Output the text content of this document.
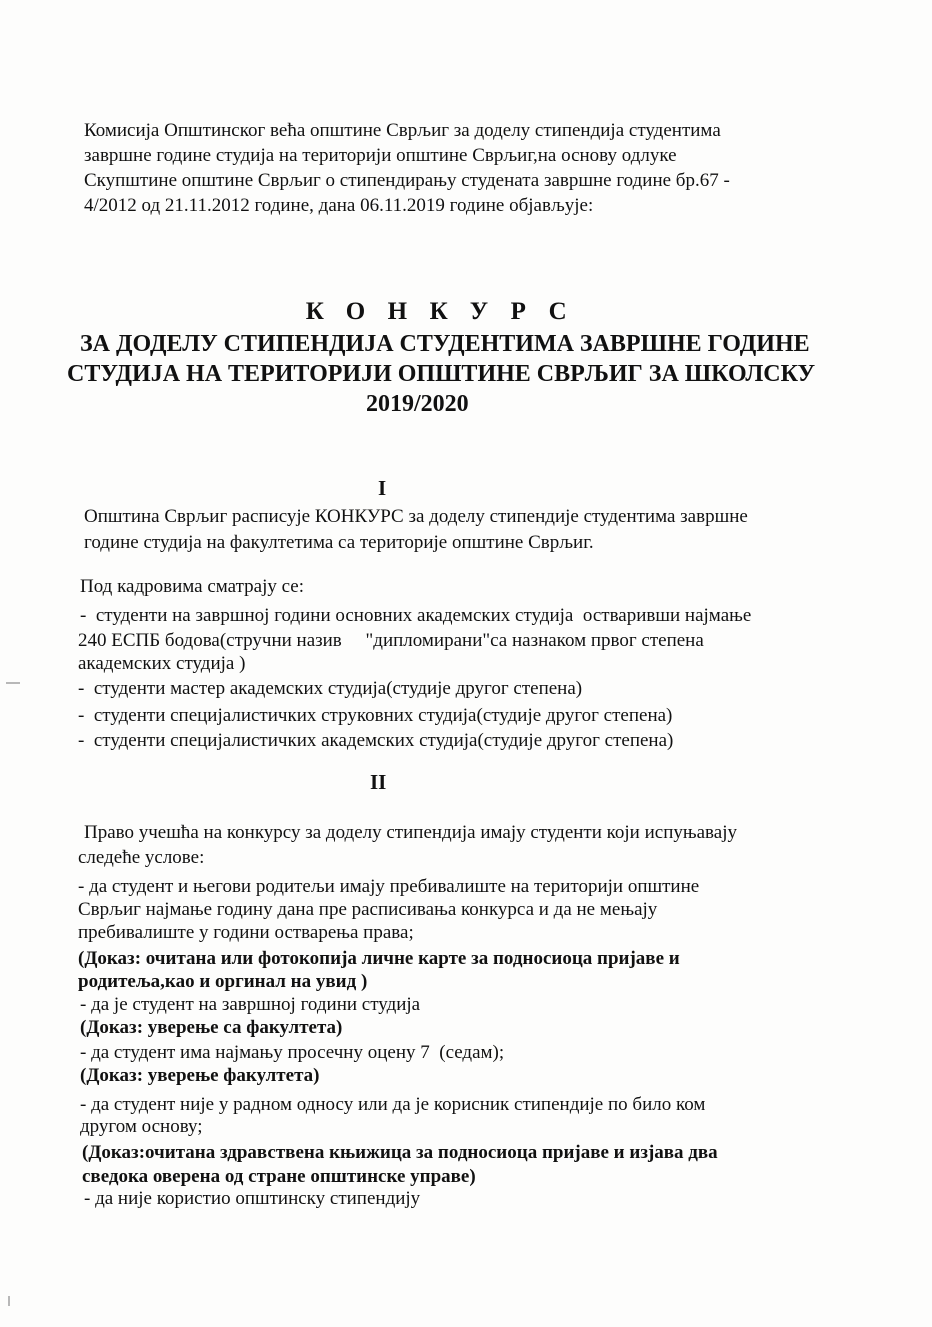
Комисија Општинског већа општине Сврљиг за доделу стипендија студентима
завршне године студија на територији општине Сврљиг,на основу одлуке
Скупштине општине Сврљиг о стипендирању студената завршне године бр.67 -
4/2012 од 21.11.2012 године, дана 06.11.2019 године објављује:
КОНКУРС
ЗА ДОДЕЛУ СТИПЕНДИЈА СТУДЕНТИМА ЗАВРШНЕ ГОДИНЕ
СТУДИЈА НА ТЕРИТОРИЈИ ОПШТИНЕ СВРЉИГ ЗА ШКОЛСКУ
2019/2020
I
Општина Сврљиг расписује КОНКУРС за доделу стипендије студентима завршне
године студија на факултетима са територије општине Сврљиг.
Под кадровима сматрају се:
-  студенти на завршној години основних академских студија  остваривши најмање
240 ЕСПБ бодова(стручни назив     "дипломирани"са назнаком првог степена
академских студија )
-  студенти мастер академских студија(студије другог степена)
-  студенти специјалистичких струковних студија(студије другог степена)
-  студенти специјалистичких академских студија(студије другог степена)
II
Право учешћа на конкурсу за доделу стипендија имају студенти који испуњавају
следеће услове:
- да студент и његови родитељи имају пребивалиште на територији општине
Сврљиг најмање годину дана пре расписивања конкурса и да не мењају
пребивалиште у години остварења права;
(Доказ: очитана или фотокопија личне карте за подносиоца пријаве и
родитеља,као и оргинал на увид )
- да је студент на завршној години студија
(Доказ: уверење са факултета)
- да студент има најмању просечну оцену 7  (седам);
(Доказ: уверење факултета)
- да студент није у радном односу или да је корисник стипендије по било ком
другом основу;
(Доказ:очитана здравствена књижица за подносиоца пријаве и изјава два
сведока оверена од стране општинске управе)
- да није користио општинску стипендију
